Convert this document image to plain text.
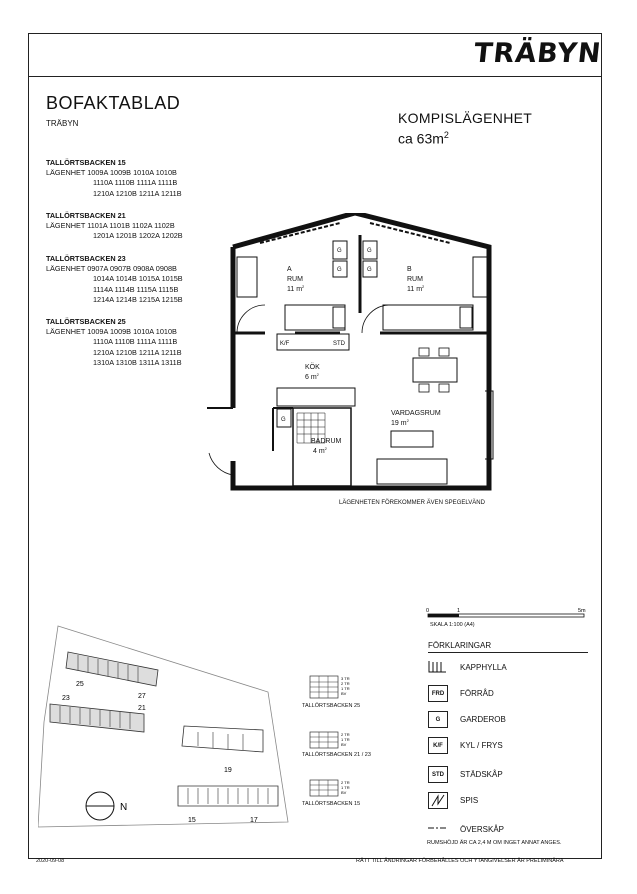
TRÄBYN
BOFAKTABLAD
TRÄBYN	KOMPISLÄGENHET
ca $63m^2$
TALLÖRTSBACKEN 15
LÄGENHET 1009A 1009B 1010A 1010B
1110A 1110B 1111A 1111B
1210A 1210B 1211A 1211B
TALLÖRTSBACKEN 21
LÄGENHET 1101A 1101B 1102A 1102B
1201A 1201B 1202A 1202B
TALLÖRTSBACKEN 23
LÄGENHET 0907A 0907B 0908A 0908B
1014A 1014B 1015A 1015B
1114A 1114B 1115A 1115B
1214A 1214B 1215A 1215B
TALLÖRTSBACKEN 25
LÄGENHET 1009A 1009B 1010A 1010B
1110A 1110B 1111A 1111B
1210A 1210B 1211A 1211B
1310A 1310B 1311A 1311B
A
RUM
11 $m^2$
B
RUM
11 $m^2$
KÖK
6 $m^2$
VARDAGSRUM
19 $m^2$
BADRUM
4 $m^2$
G
G
G
G
K/F	STD
G
LÄGENHETEN FÖREKOMMER ÄVEN SPEGELVÄND
0	1	5m
SKALA 1:100 (A4)
FÖRKLARINGAR
KAPPHYLLA
FRD	FÖRRÅD
G	GARDEROB
K/F	KYL / FRYS
STD	STÄDSKÅP
SPIS
ÖVERSKÅP
RUMSHÖJD ÄR CA 2,4 M OM INGET ANNAT ANGES.
N
25
27
23
21
19
15	17
3 TR
2 TR
1 TR
BV
2 TR
1 TR
BV
2 TR
1 TR
BV
TALLÖRTSBACKEN 25
TALLÖRTSBACKEN 21 / 23
TALLÖRTSBACKEN 15
2020-09-08	RÄTT TILL ÄNDRINGAR FÖRBEHÅLLES OCH YTANGIVELSER ÄR PRELIMINÄRA
